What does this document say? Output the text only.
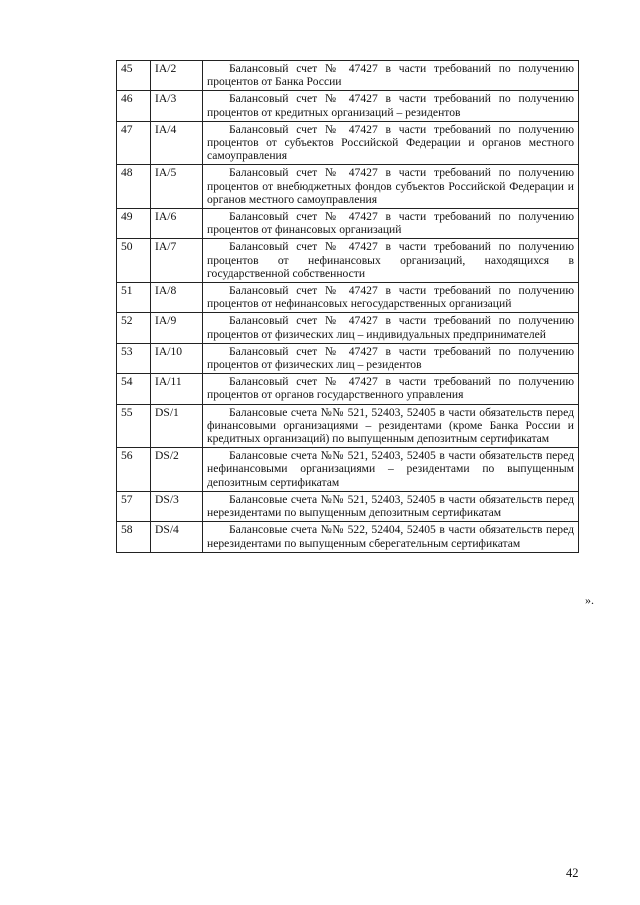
45	IA/2	Балансовый счет № 47427 в части требований по получению процентов от Банка России
46	IA/3	Балансовый счет № 47427 в части требований по получению процентов от кредитных организаций – резидентов
47	IA/4	Балансовый счет № 47427 в части требований по получению процентов от субъектов Российской Федерации и органов местного самоуправления
48	IA/5	Балансовый счет № 47427 в части требований по получению процентов от внебюджетных фондов субъектов Российской Федерации и органов местного самоуправления
49	IA/6	Балансовый счет № 47427 в части требований по получению процентов от финансовых организаций
50	IA/7	Балансовый счет № 47427 в части требований по получению процентов от нефинансовых организаций, находящихся в государственной собственности
51	IA/8	Балансовый счет № 47427 в части требований по получению процентов от нефинансовых негосударственных организаций
52	IA/9	Балансовый счет № 47427 в части требований по получению процентов от физических лиц – индивидуальных предпринимателей
53	IA/10	Балансовый счет № 47427 в части требований по получению процентов от физических лиц – резидентов
54	IA/11	Балансовый счет № 47427 в части требований по получению процентов от органов государственного управления
55	DS/1	Балансовые счета №№ 521, 52403, 52405 в части обязательств перед финансовыми организациями – резидентами (кроме Банка России и кредитных организаций) по выпущенным депозитным сертификатам
56	DS/2	Балансовые счета №№ 521, 52403, 52405 в части обязательств перед нефинансовыми организациями – резидентами по выпущенным депозитным сертификатам
57	DS/3	Балансовые счета №№ 521, 52403, 52405 в части обязательств перед нерезидентами по выпущенным депозитным сертификатам
58	DS/4	Балансовые счета №№ 522, 52404, 52405 в части обязательств перед нерезидентами по выпущенным сберегательным сертификатам
».
42
